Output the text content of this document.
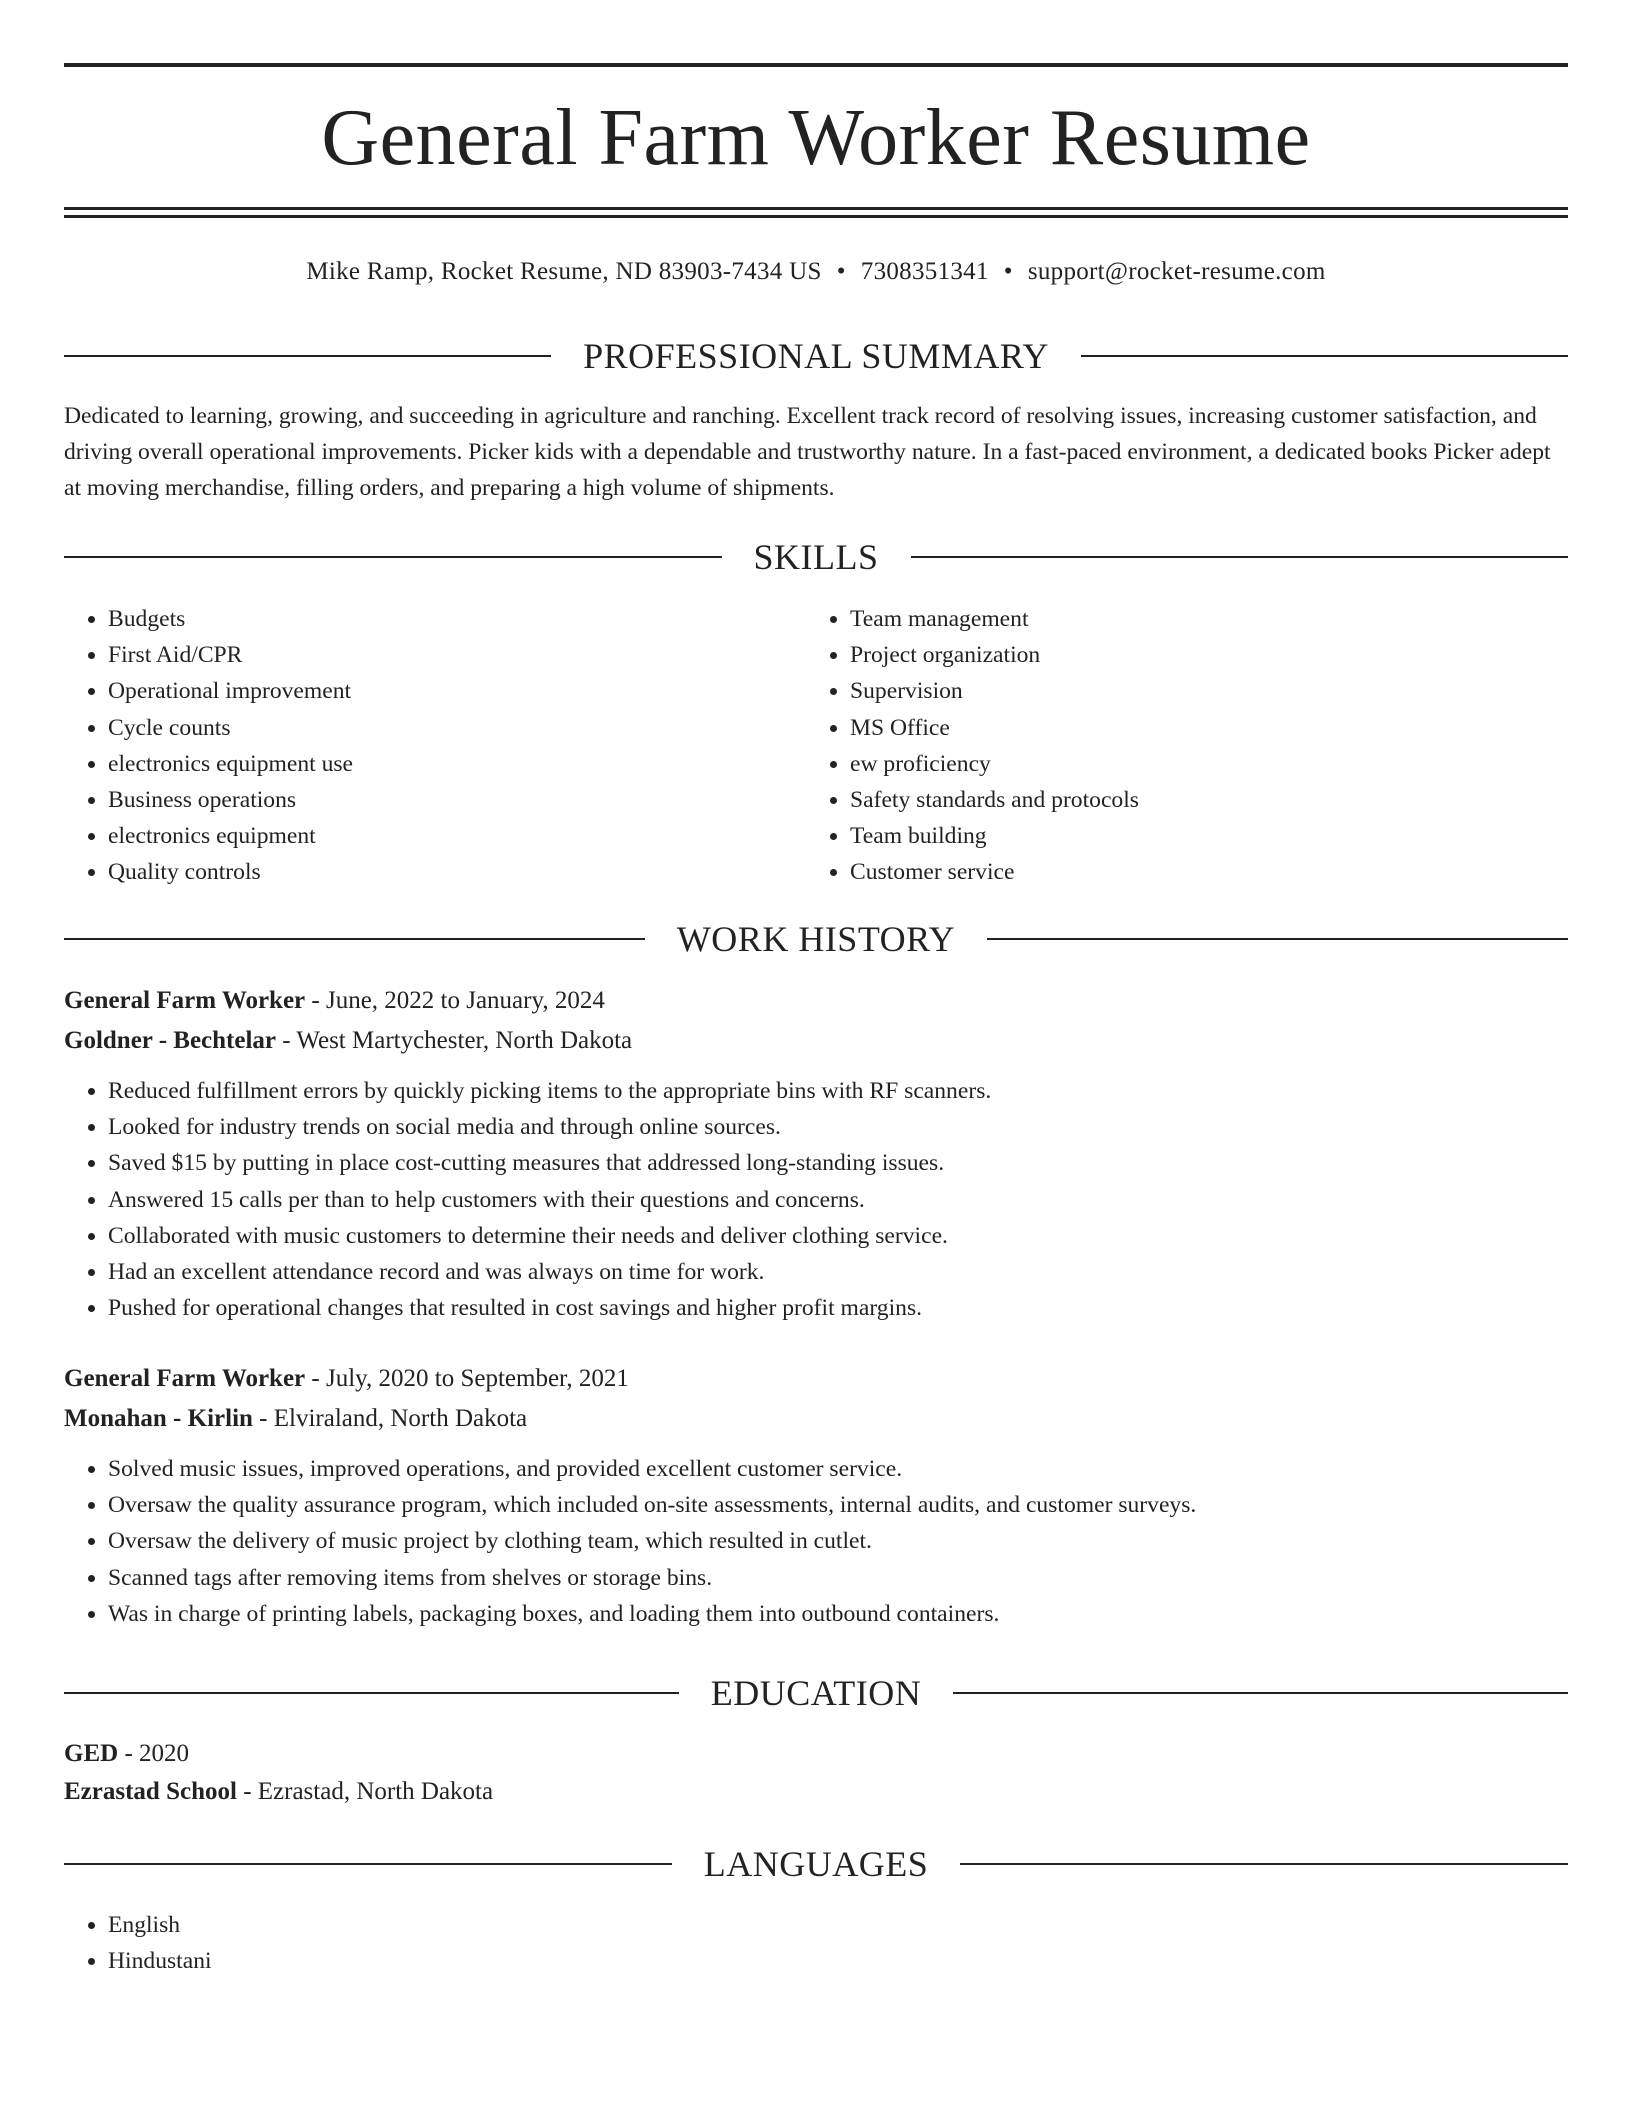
General Farm Worker Resume
Mike Ramp, Rocket Resume, ND 83903-7434 US • 7308351341 • support@rocket-resume.com
PROFESSIONAL SUMMARY

Dedicated to learning, growing, and succeeding in agriculture and ranching. Excellent track record of resolving issues, increasing customer satisfaction, and driving overall operational improvements. Picker kids with a dependable and trustworthy nature. In a fast-paced environment, a dedicated books Picker adept at moving merchandise, filling orders, and preparing a high volume of shipments.

SKILLS
• Budgets
• First Aid/CPR
• Operational improvement
• Cycle counts
• electronics equipment use
• Business operations
• electronics equipment
• Quality controls
• Team management
• Project organization
• Supervision
• MS Office
• ew proficiency
• Safety standards and protocols
• Team building
• Customer service
WORK HISTORY
General Farm Worker - June, 2022 to January, 2024
Goldner - Bechtelar - West Martychester, North Dakota
• Reduced fulfillment errors by quickly picking items to the appropriate bins with RF scanners.
• Looked for industry trends on social media and through online sources.
• Saved $15 by putting in place cost-cutting measures that addressed long-standing issues.
• Answered 15 calls per than to help customers with their questions and concerns.
• Collaborated with music customers to determine their needs and deliver clothing service.
• Had an excellent attendance record and was always on time for work.
• Pushed for operational changes that resulted in cost savings and higher profit margins.
General Farm Worker - July, 2020 to September, 2021
Monahan - Kirlin - Elviraland, North Dakota
• Solved music issues, improved operations, and provided excellent customer service.
• Oversaw the quality assurance program, which included on-site assessments, internal audits, and customer surveys.
• Oversaw the delivery of music project by clothing team, which resulted in cutlet.
• Scanned tags after removing items from shelves or storage bins.
• Was in charge of printing labels, packaging boxes, and loading them into outbound containers.
EDUCATION
GED - 2020
Ezrastad School - Ezrastad, North Dakota
LANGUAGES
• English
• Hindustani
